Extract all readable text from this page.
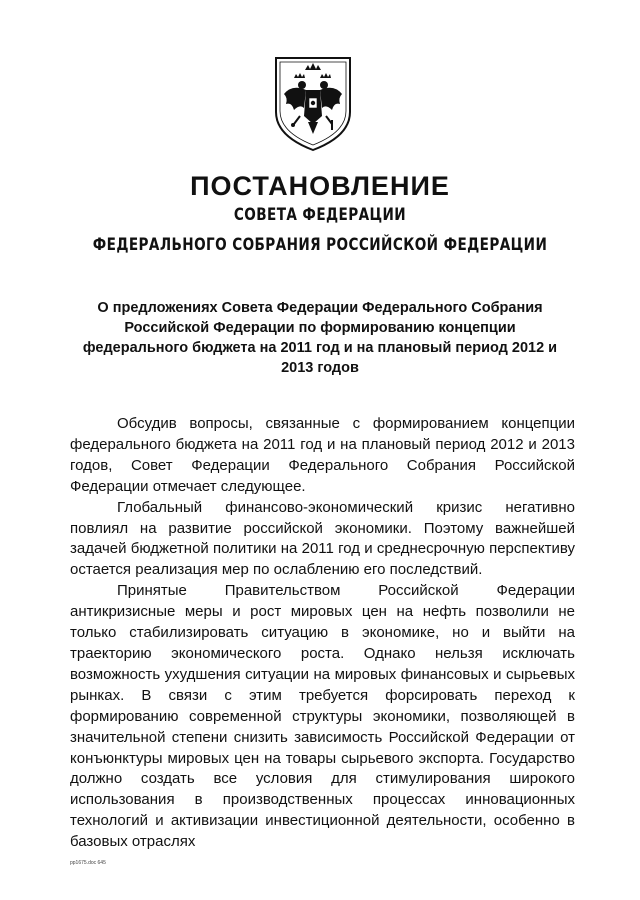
ПОСТАНОВЛЕНИЕ
СОВЕТА ФЕДЕРАЦИИ
ФЕДЕРАЛЬНОГО СОБРАНИЯ РОССИЙСКОЙ ФЕДЕРАЦИИ
О предложениях Совета Федерации Федерального Собрания Российской Федерации по формированию концепции федерального бюджета на 2011 год и на плановый период 2012 и 2013 годов

Обсудив вопросы, связанные с формированием концепции федерального бюджета на 2011 год и на плановый период 2012 и 2013 годов, Совет Федерации Федерального Собрания Российской Федерации отмечает следующее.

Глобальный финансово-экономический кризис негативно повлиял на развитие российской экономики. Поэтому важнейшей задачей бюджетной политики на 2011 год и среднесрочную перспективу остается реализация мер по ослаблению его последствий.

Принятые Правительством Российской Федерации антикризисные меры и рост мировых цен на нефть позволили не только стабилизировать ситуацию в экономике, но и выйти на траекторию экономического роста. Однако нельзя исключать возможность ухудшения ситуации на мировых финансовых и сырьевых рынках. В связи с этим требуется форсировать переход к формированию современной структуры экономики, позволяющей в значительной степени снизить зависимость Российской Федерации от конъюнктуры мировых цен на товары сырьевого экспорта. Государство должно создать все условия для стимулирования широкого использования в производственных процессах инновационных технологий и активизации инвестиционной деятельности, особенно в базовых отраслях

pp1675.doc 645
